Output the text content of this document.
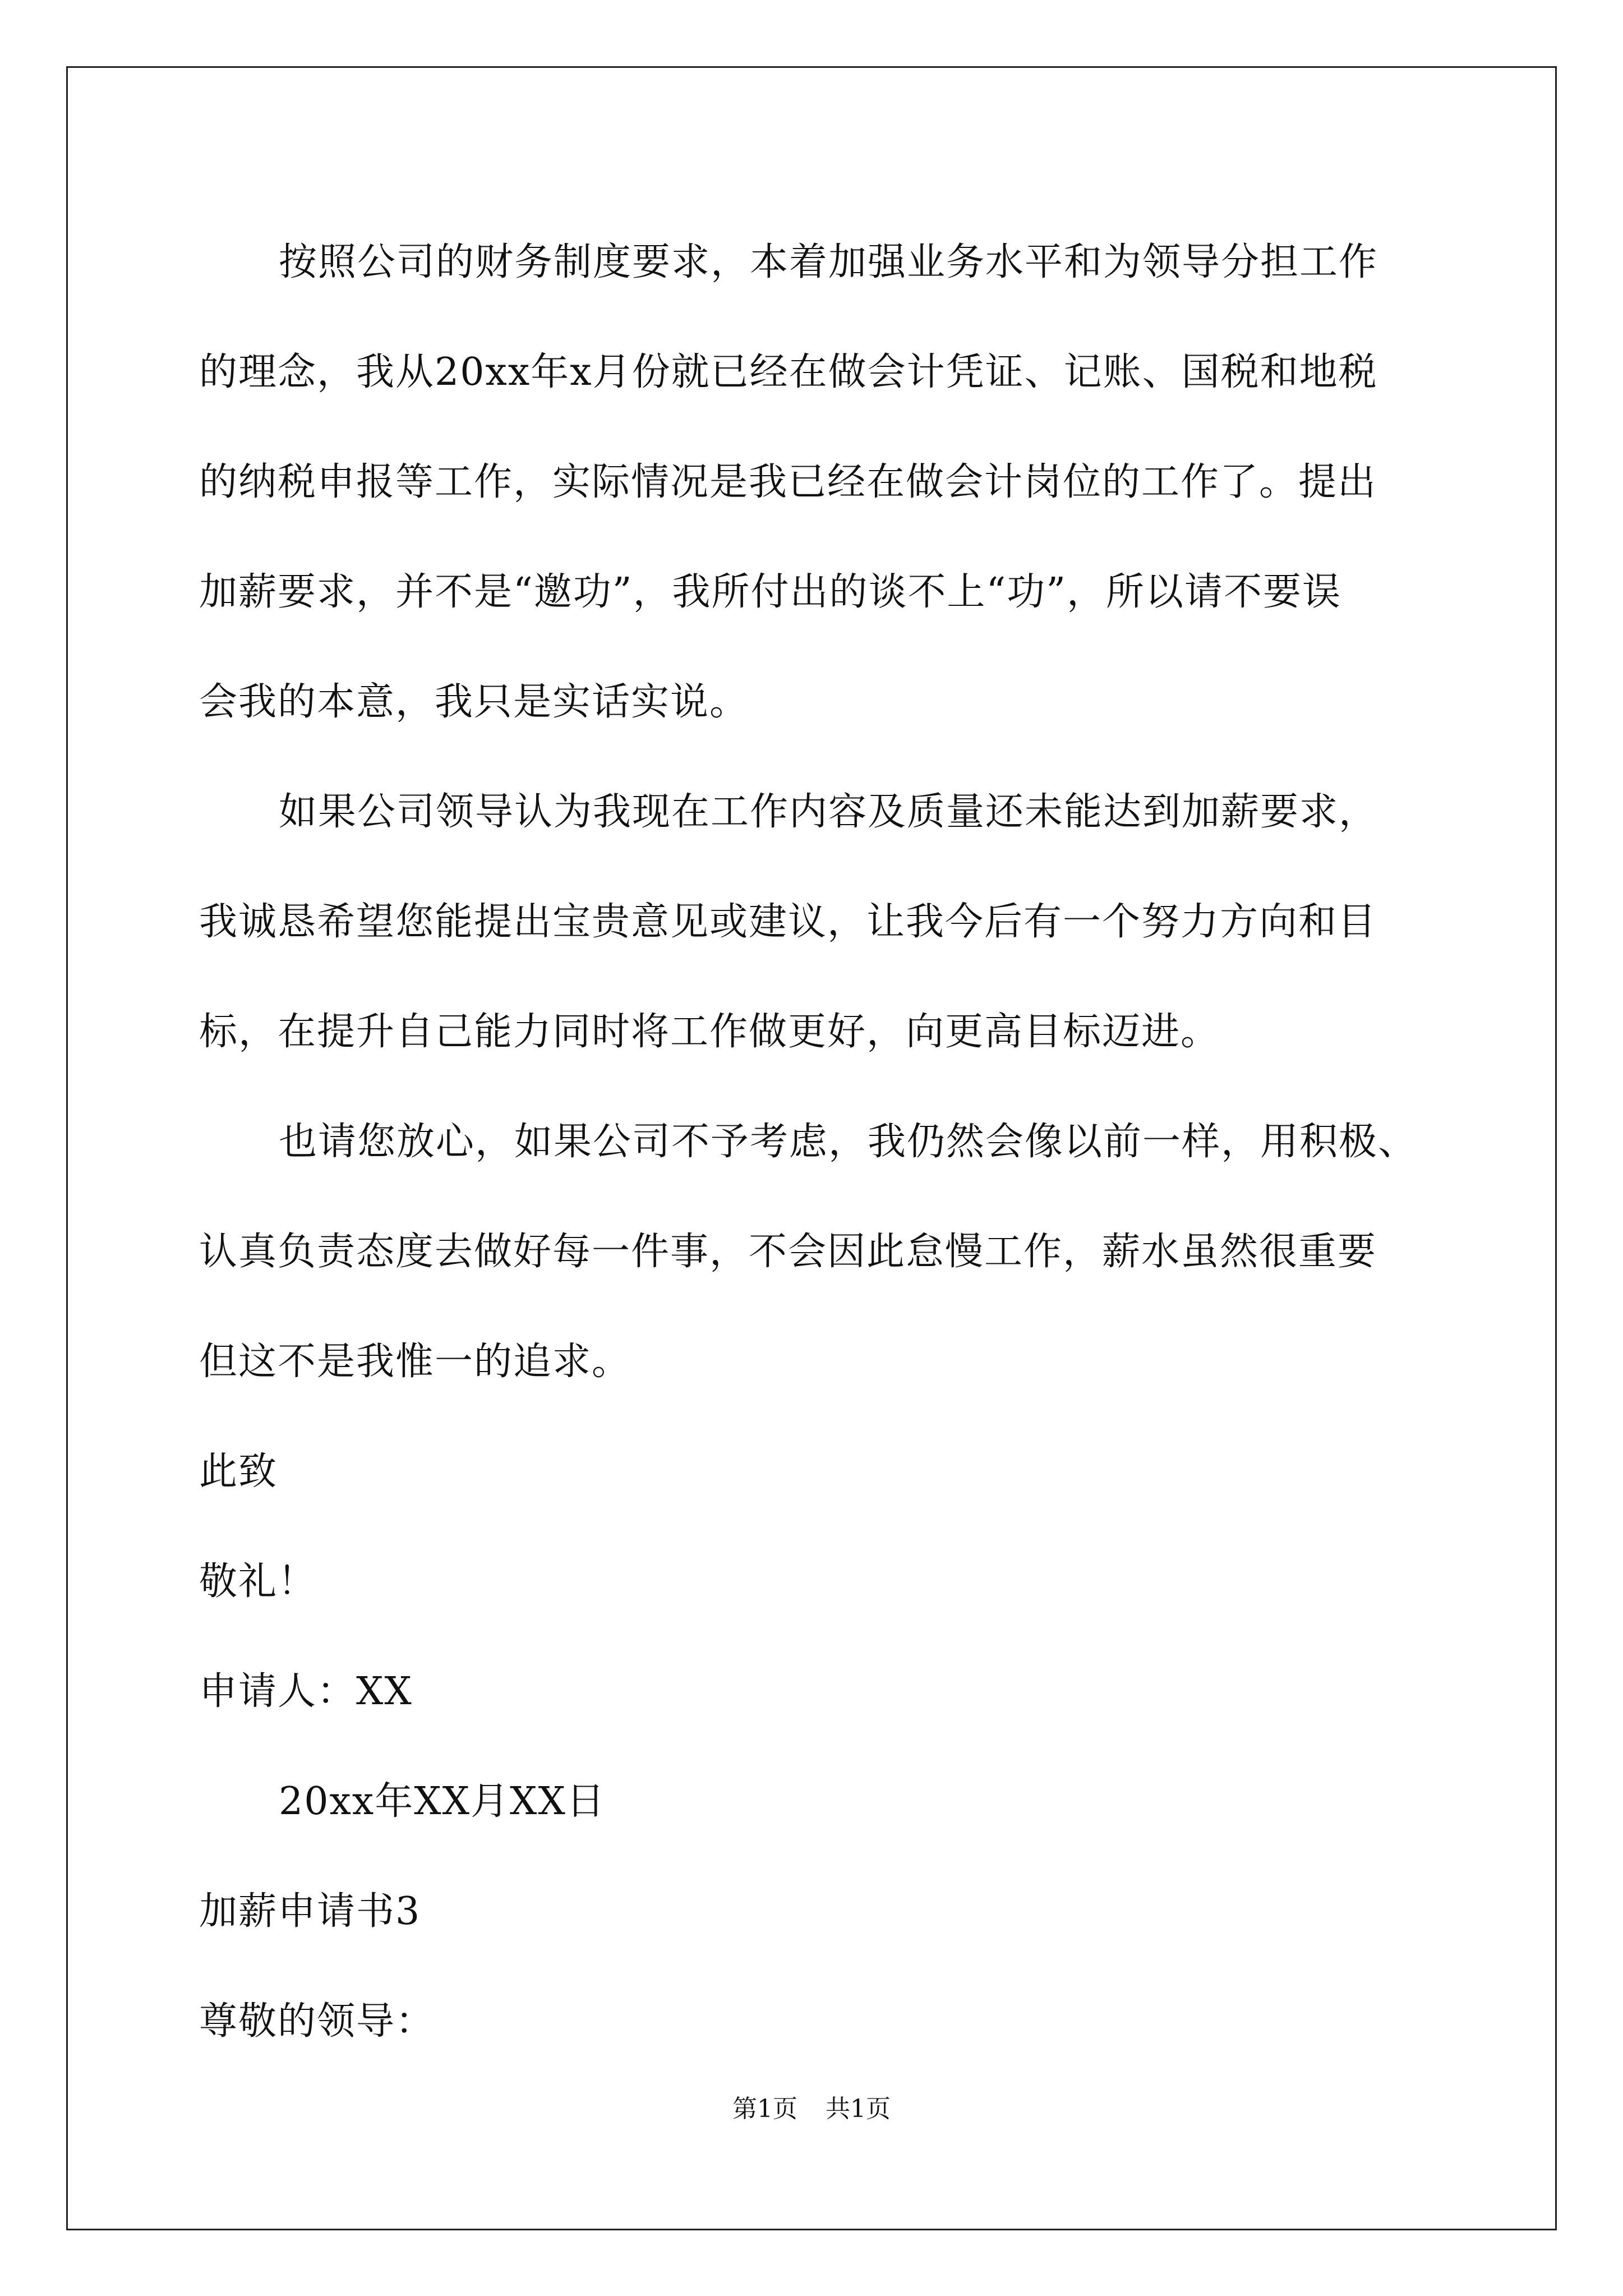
按照公司的财务制度要求，本着加强业务水平和为领导分担工作
的理念，我从20xx年x月份就已经在做会计凭证、记账、国税和地税
的纳税申报等工作，实际情况是我已经在做会计岗位的工作了。提出
加薪要求，并不是“邀功”，我所付出的谈不上“功”，所以请不要误
会我的本意，我只是实话实说。
如果公司领导认为我现在工作内容及质量还未能达到加薪要求，
我诚恳希望您能提出宝贵意见或建议，让我今后有一个努力方向和目
标，在提升自己能力同时将工作做更好，向更高目标迈进。
也请您放心，如果公司不予考虑，我仍然会像以前一样，用积极、
认真负责态度去做好每一件事，不会因此怠慢工作，薪水虽然很重要
但这不是我惟一的追求。
此致
敬礼！
申请人：XX
20xx年XX月XX日
加薪申请书3
尊敬的领导：
第1页 共1页
